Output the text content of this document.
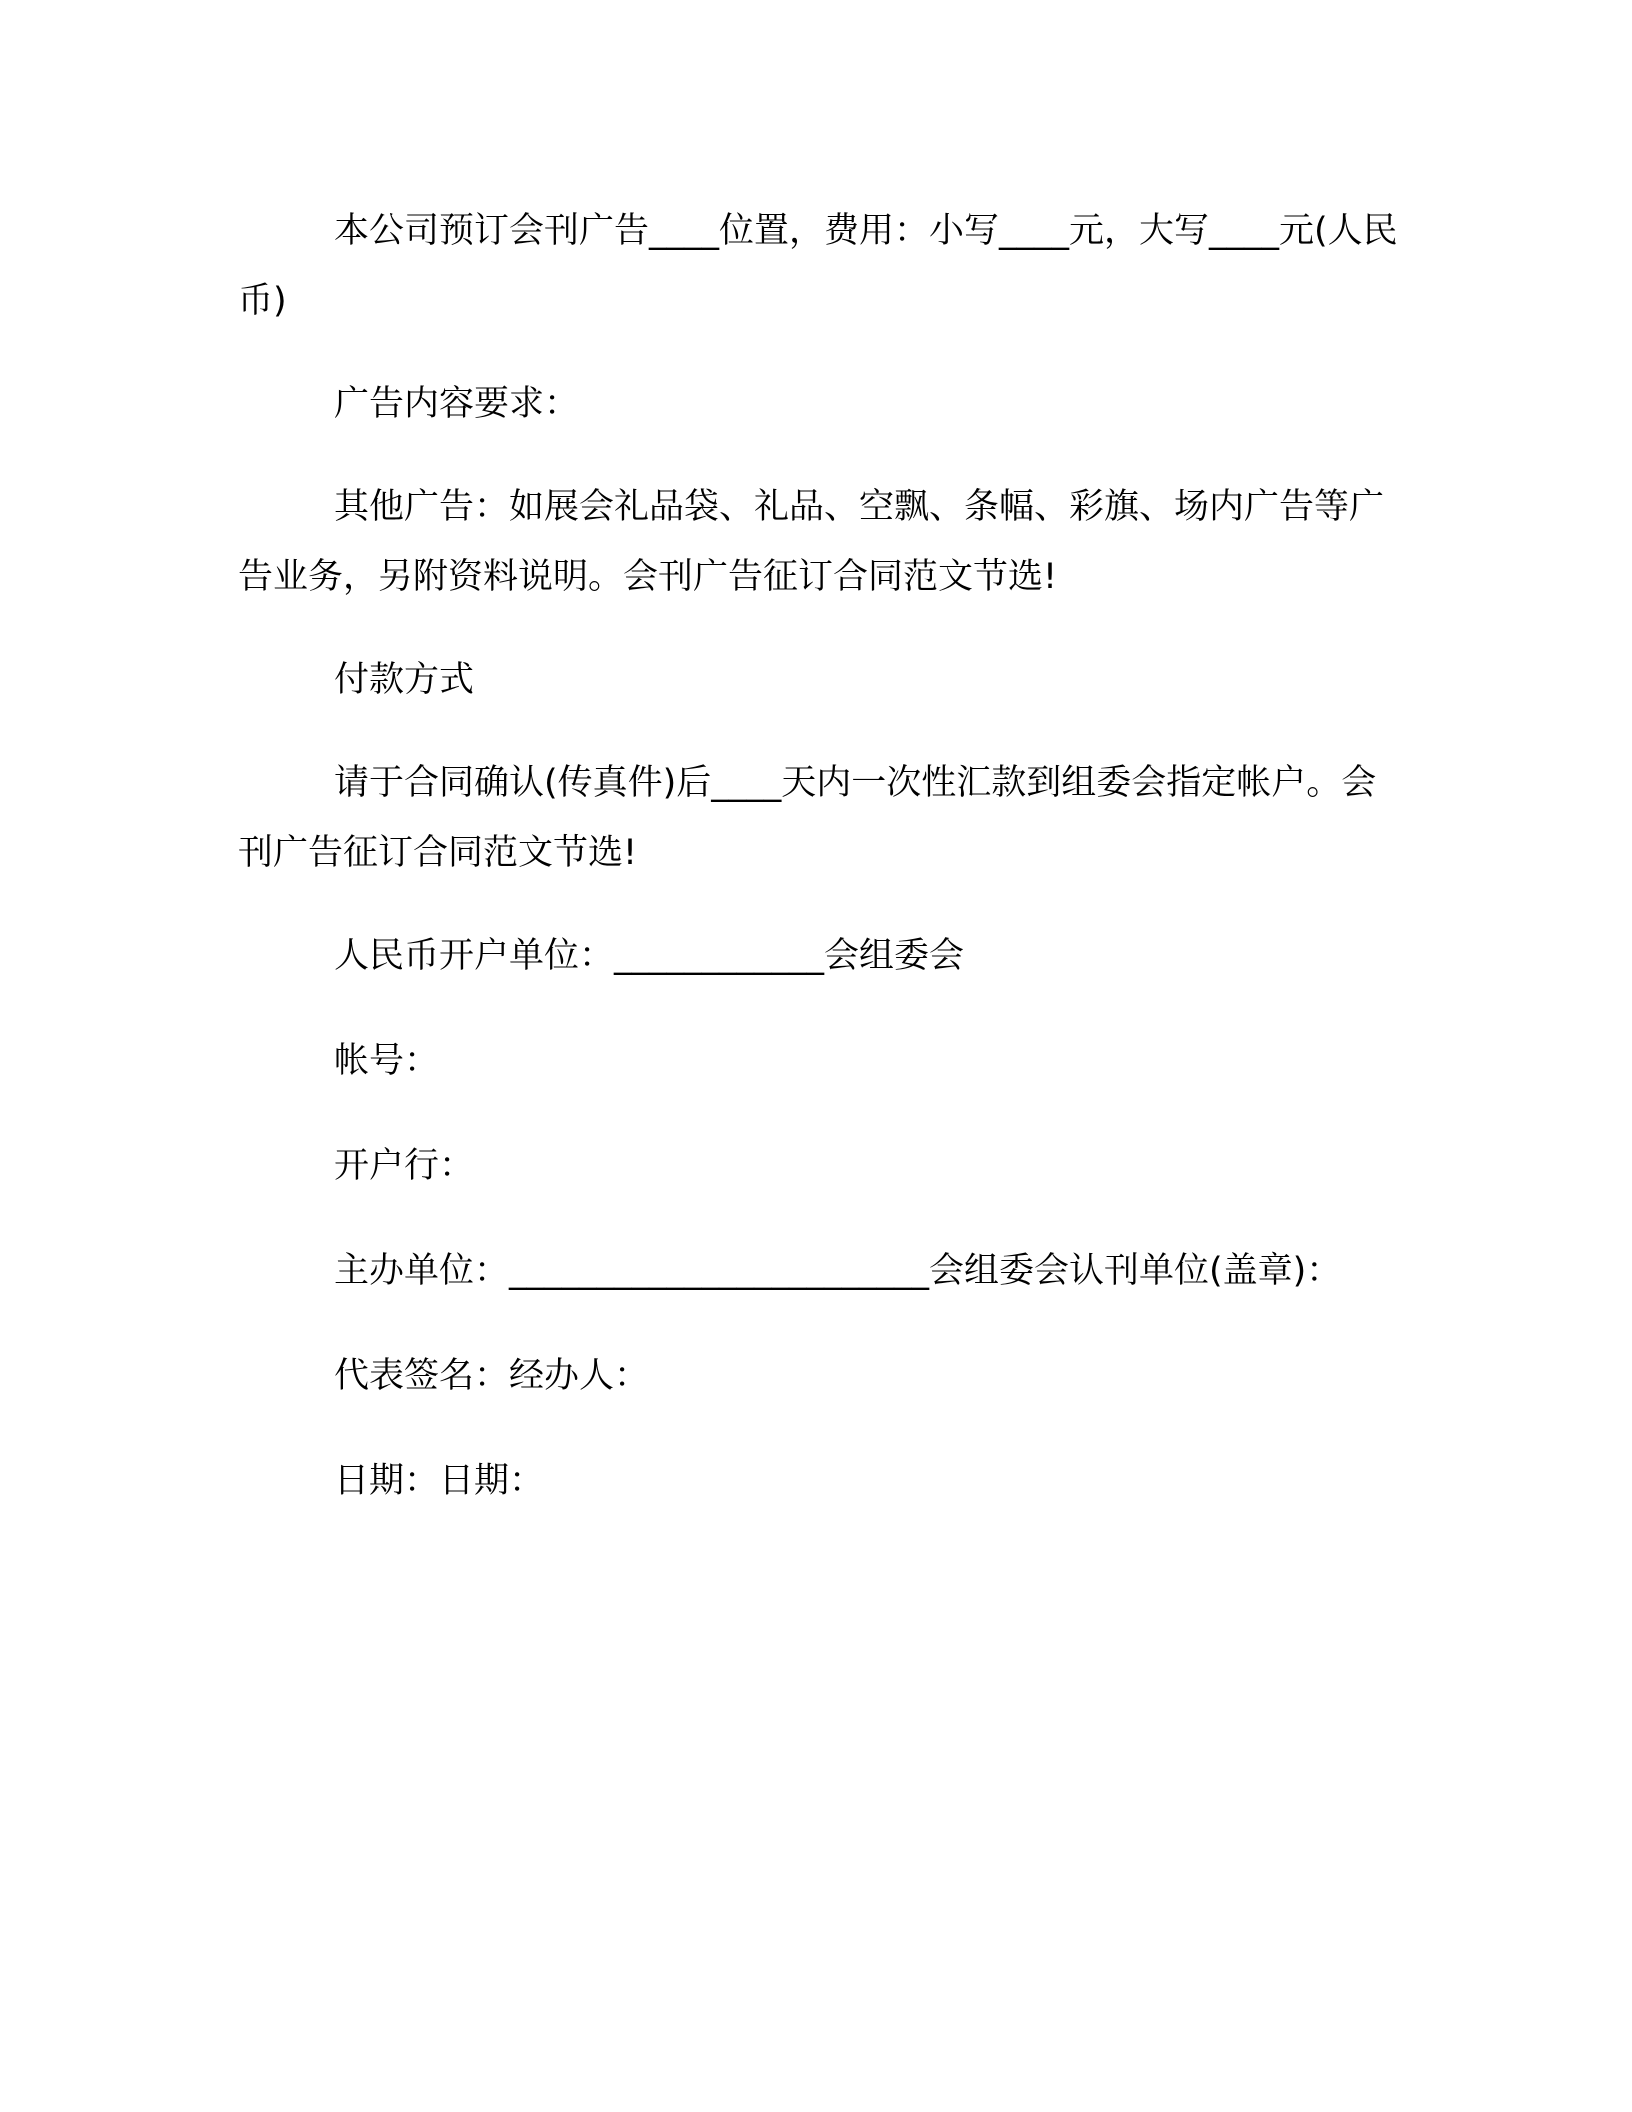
本公司预订会刊广告____位置，费用：小写____元，大写____元(人民币)

广告内容要求：

其他广告：如展会礼品袋、礼品、空飘、条幅、彩旗、场内广告等广告业务，另附资料说明。会刊广告征订合同范文节选!

付款方式

请于合同确认(传真件)后____天内一次性汇款到组委会指定帐户。会刊广告征订合同范文节选!

人民币开户单位：____________会组委会

帐号：

开户行：

主办单位：________________________会组委会认刊单位(盖章)：

代表签名：经办人：

日期：日期：
